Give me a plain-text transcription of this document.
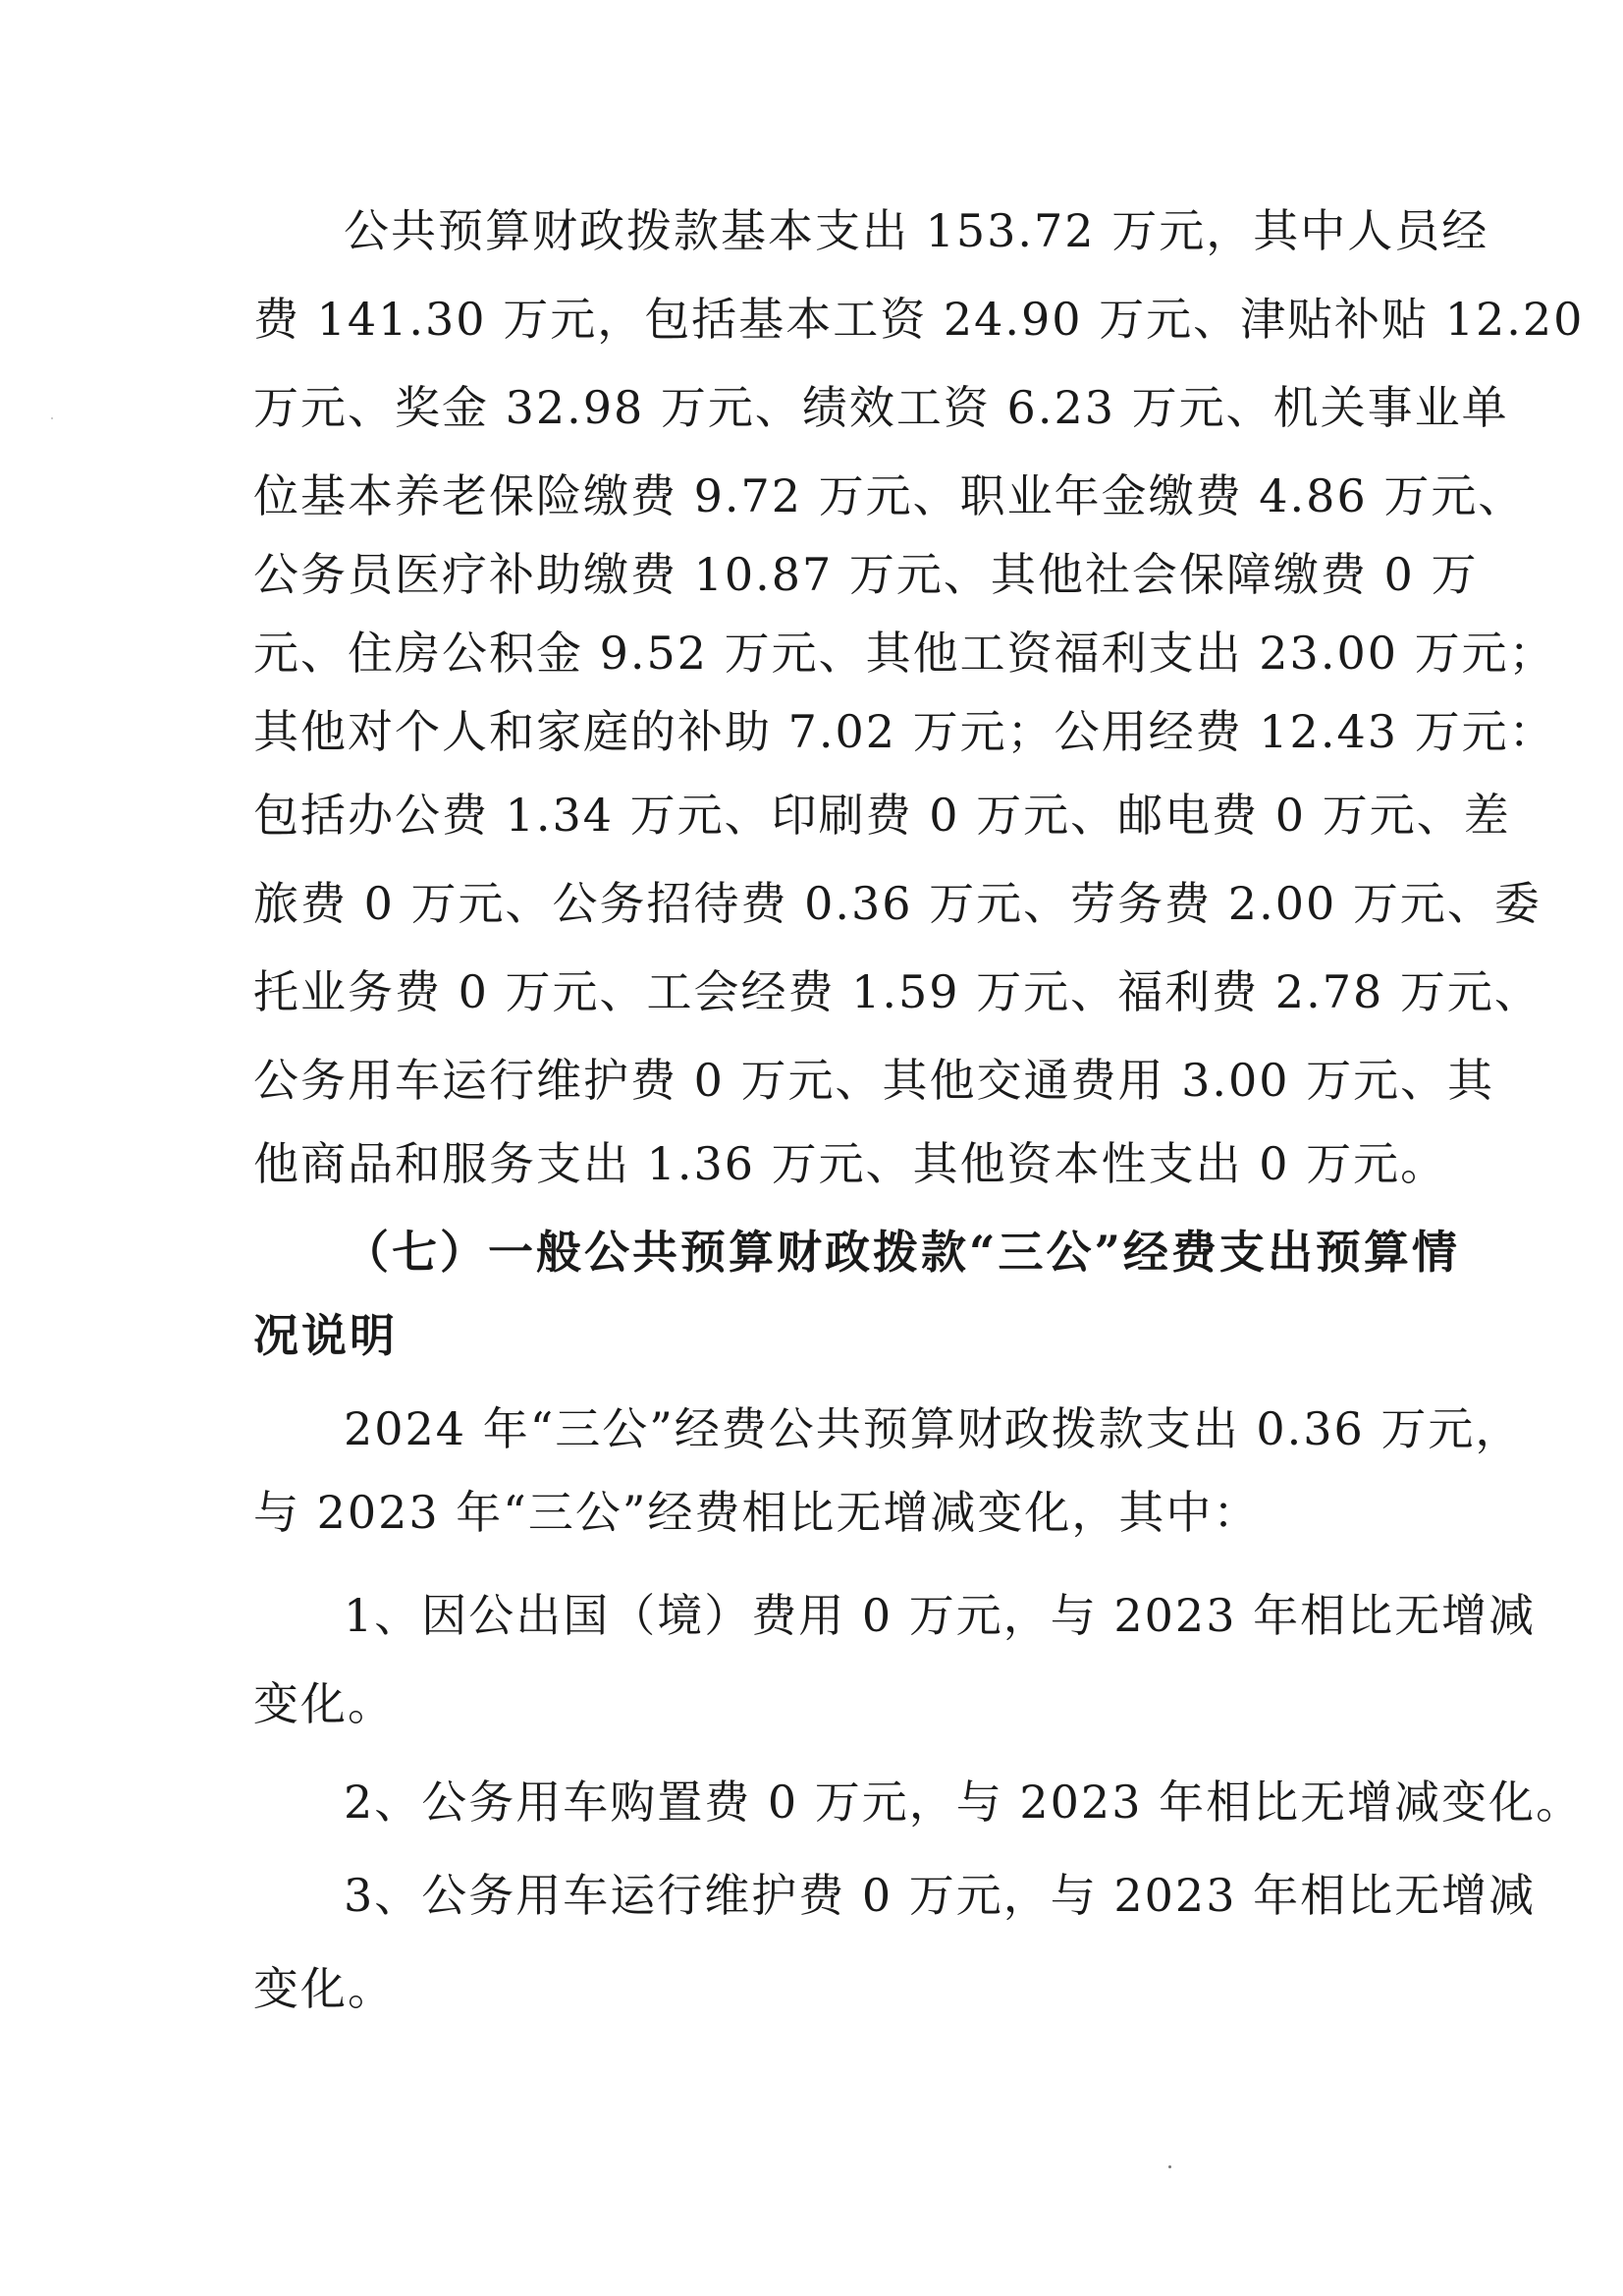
公共预算财政拨款基本支出 153.72 万元，其中人员经
费 141.30 万元，包括基本工资 24.90 万元、津贴补贴 12.20
万元、奖金 32.98 万元、绩效工资 6.23 万元、机关事业单
位基本养老保险缴费 9.72 万元、职业年金缴费 4.86 万元、
公务员医疗补助缴费 10.87 万元、其他社会保障缴费 0 万
元、住房公积金 9.52 万元、其他工资福利支出 23.00 万元；
其他对个人和家庭的补助 7.02 万元；公用经费 12.43 万元：
包括办公费 1.34 万元、印刷费 0 万元、邮电费 0 万元、差
旅费 0 万元、公务招待费 0.36 万元、劳务费 2.00 万元、委
托业务费 0 万元、工会经费 1.59 万元、福利费 2.78 万元、
公务用车运行维护费 0 万元、其他交通费用 3.00 万元、其
他商品和服务支出 1.36 万元、其他资本性支出 0 万元。
（七）一般公共预算财政拨款“三公”经费支出预算情
况说明
2024 年“三公”经费公共预算财政拨款支出 0.36 万元，
与 2023 年“三公”经费相比无增减变化，其中：
1、因公出国（境）费用 0 万元，与 2023 年相比无增减
变化。
2、公务用车购置费 0 万元，与 2023 年相比无增减变化。
3、公务用车运行维护费 0 万元，与 2023 年相比无增减
变化。
